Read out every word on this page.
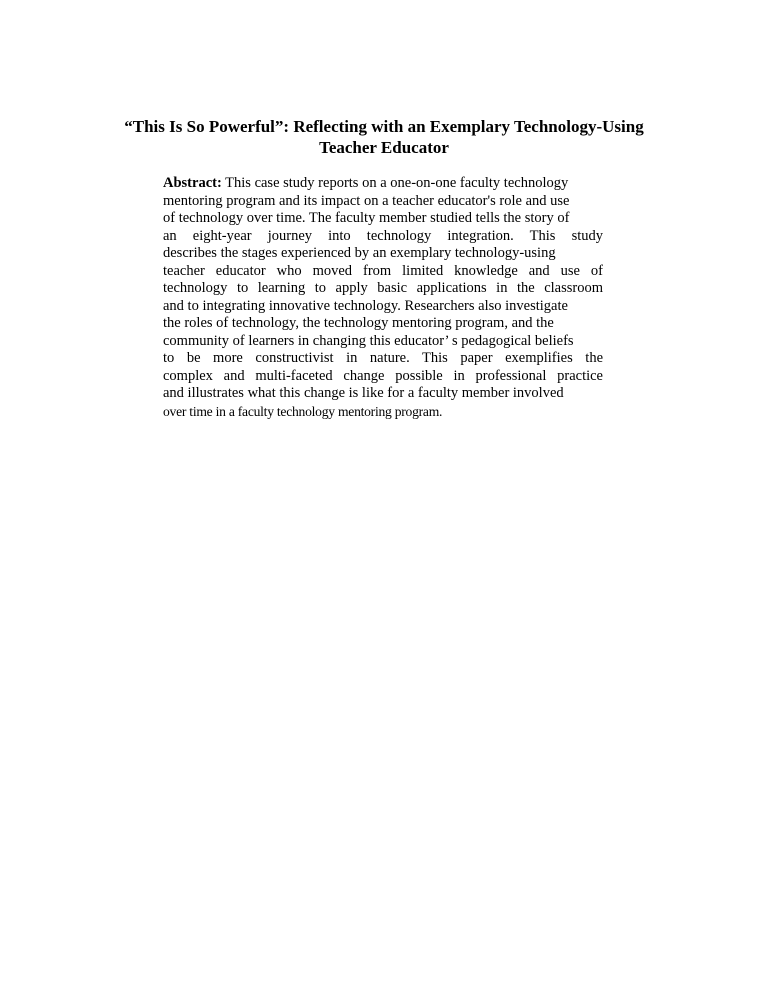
“This Is So Powerful”: Reflecting with an Exemplary Technology-Using
Teacher Educator
Abstract: This case study reports on a one-on-one faculty technology
mentoring program and its impact on a teacher educator's role and use
of technology over time. The faculty member studied tells the story of
an eight-year journey into technology integration. This study
describes the stages experienced by an exemplary technology-using
teacher educator who moved from limited knowledge and use of
technology to learning to apply basic applications in the classroom
and to integrating innovative technology. Researchers also investigate
the roles of technology, the technology mentoring program, and the
community of learners in changing this educator’ s pedagogical beliefs
to be more constructivist in nature. This paper exemplifies the
complex and multi-faceted change possible in professional practice
and illustrates what this change is like for a faculty member involved
over time in a faculty technology mentoring program.
